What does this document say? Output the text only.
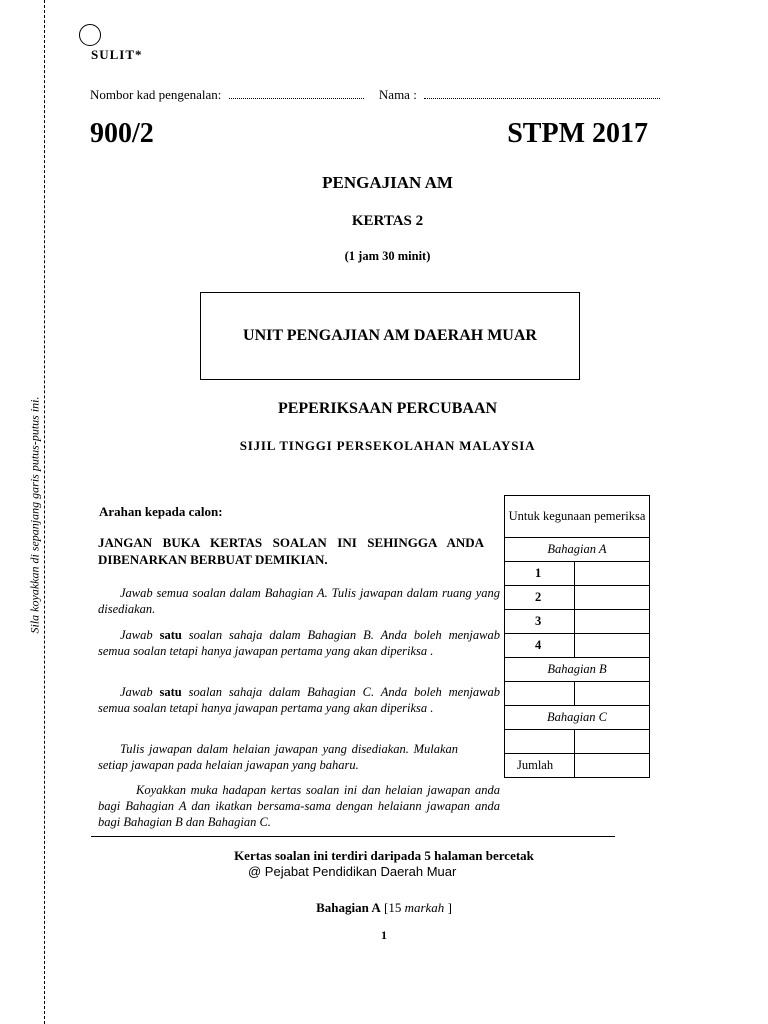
Sila koyakkan di sepanjang garis putus-putus ini.
SULIT*
Nombor kad pengenalan:	Nama :
900/2	STPM 2017
PENGAJIAN AM
KERTAS 2
(1 jam 30 minit)
UNIT PENGAJIAN AM DAERAH MUAR
PEPERIKSAAN PERCUBAAN
SIJIL TINGGI PERSEKOLAHAN MALAYSIA
Arahan kepada calon:
JANGAN BUKA KERTAS SOALAN INI SEHINGGA ANDA DIBENARKAN BERBUAT DEMIKIAN.
Jawab semua soalan dalam Bahagian A. Tulis jawapan dalam ruang yang disediakan.
Jawab satu soalan sahaja dalam Bahagian B. Anda boleh menjawab semua soalan tetapi hanya jawapan pertama yang akan diperiksa .
Jawab satu soalan sahaja dalam Bahagian C. Anda boleh menjawab semua soalan tetapi hanya jawapan pertama yang akan diperiksa .
Tulis jawapan dalam helaian jawapan yang disediakan. Mulakan setiap jawapan pada helaian jawapan yang baharu.
Koyakkan muka hadapan kertas soalan ini dan helaian jawapan anda bagi Bahagian A dan ikatkan bersama-sama dengan helaiann jawapan anda bagi Bahagian B dan Bahagian C.
Untuk kegunaan pemeriksa	
Bahagian A	
1	
2	
3	
4	
Bahagian B	

Bahagian C	

Jumlah	
Kertas soalan ini terdiri daripada 5 halaman bercetak
@ Pejabat Pendidikan Daerah Muar
Bahagian A [15 markah ]
1
